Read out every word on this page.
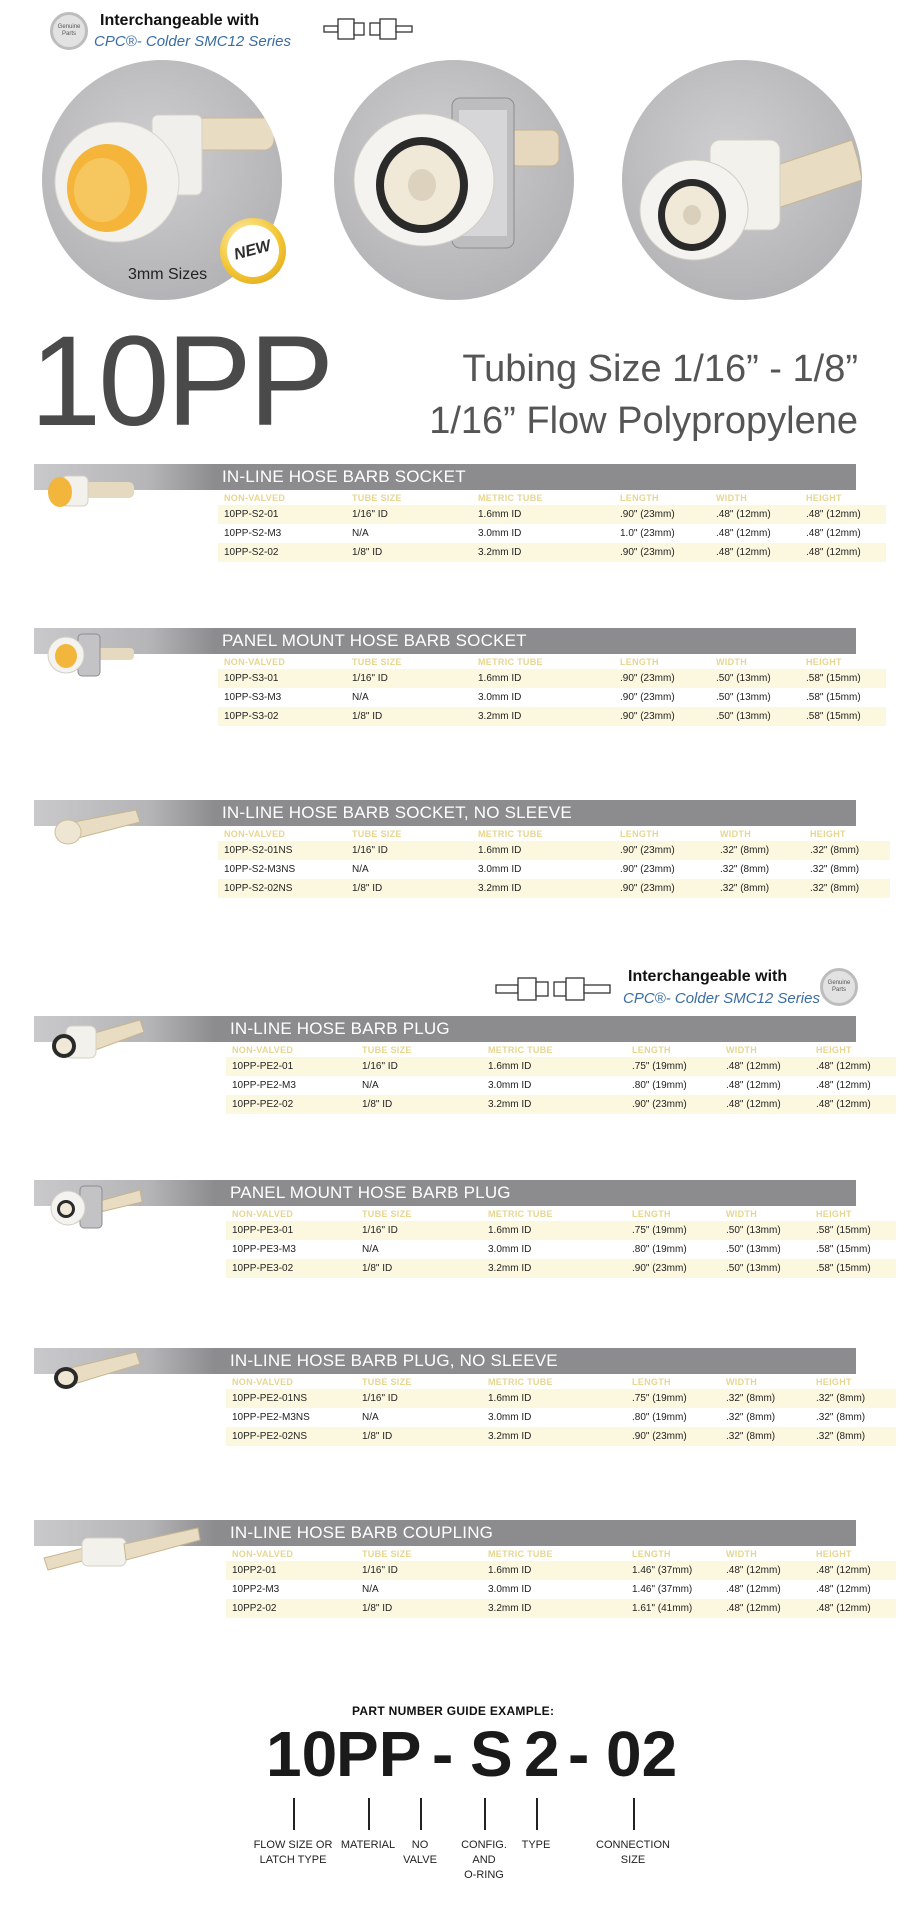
Genuine Parts
Interchangeable with
CPC®- Colder SMC12 Series
3mm Sizes
NEW
10PP	Tubing Size 1/16” - 1/8”
1/16” Flow Polypropylene
IN-LINE HOSE BARB SOCKET
NON-VALVED	TUBE SIZE	METRIC TUBE	LENGTH	WIDTH	HEIGHT
10PP-S2-01	1/16" ID	1.6mm ID	.90" (23mm)	.48" (12mm)	.48" (12mm)
10PP-S2-M3	N/A	3.0mm ID	1.0" (23mm)	.48" (12mm)	.48" (12mm)
10PP-S2-02	1/8" ID	3.2mm ID	.90" (23mm)	.48" (12mm)	.48" (12mm)
PANEL MOUNT HOSE BARB SOCKET
NON-VALVED	TUBE SIZE	METRIC TUBE	LENGTH	WIDTH	HEIGHT
10PP-S3-01	1/16" ID	1.6mm ID	.90" (23mm)	.50" (13mm)	.58" (15mm)
10PP-S3-M3	N/A	3.0mm ID	.90" (23mm)	.50" (13mm)	.58" (15mm)
10PP-S3-02	1/8" ID	3.2mm ID	.90" (23mm)	.50" (13mm)	.58" (15mm)
IN-LINE HOSE BARB SOCKET, NO SLEEVE
NON-VALVED	TUBE SIZE	METRIC TUBE	LENGTH	WIDTH	HEIGHT
10PP-S2-01NS	1/16" ID	1.6mm ID	.90" (23mm)	.32" (8mm)	.32" (8mm)
10PP-S2-M3NS	N/A	3.0mm ID	.90" (23mm)	.32" (8mm)	.32" (8mm)
10PP-S2-02NS	1/8" ID	3.2mm ID	.90" (23mm)	.32" (8mm)	.32" (8mm)
IN-LINE HOSE BARB PLUG
NON-VALVED	TUBE SIZE	METRIC TUBE	LENGTH	WIDTH	HEIGHT
10PP-PE2-01	1/16" ID	1.6mm ID	.75" (19mm)	.48" (12mm)	.48" (12mm)
10PP-PE2-M3	N/A	3.0mm ID	.80" (19mm)	.48" (12mm)	.48" (12mm)
10PP-PE2-02	1/8" ID	3.2mm ID	.90" (23mm)	.48" (12mm)	.48" (12mm)
PANEL MOUNT HOSE BARB PLUG
NON-VALVED	TUBE SIZE	METRIC TUBE	LENGTH	WIDTH	HEIGHT
10PP-PE3-01	1/16" ID	1.6mm ID	.75" (19mm)	.50" (13mm)	.58" (15mm)
10PP-PE3-M3	N/A	3.0mm ID	.80" (19mm)	.50" (13mm)	.58" (15mm)
10PP-PE3-02	1/8" ID	3.2mm ID	.90" (23mm)	.50" (13mm)	.58" (15mm)
IN-LINE HOSE BARB PLUG, NO SLEEVE
NON-VALVED	TUBE SIZE	METRIC TUBE	LENGTH	WIDTH	HEIGHT
10PP-PE2-01NS	1/16" ID	1.6mm ID	.75" (19mm)	.32" (8mm)	.32" (8mm)
10PP-PE2-M3NS	N/A	3.0mm ID	.80" (19mm)	.32" (8mm)	.32" (8mm)
10PP-PE2-02NS	1/8" ID	3.2mm ID	.90" (23mm)	.32" (8mm)	.32" (8mm)
IN-LINE HOSE BARB COUPLING
NON-VALVED	TUBE SIZE	METRIC TUBE	LENGTH	WIDTH	HEIGHT
10PP2-01	1/16" ID	1.6mm ID	1.46" (37mm)	.48" (12mm)	.48" (12mm)
10PP2-M3	N/A	3.0mm ID	1.46" (37mm)	.48" (12mm)	.48" (12mm)
10PP2-02	1/8" ID	3.2mm ID	1.61" (41mm)	.48" (12mm)	.48" (12mm)
Interchangeable with
CPC®- Colder SMC12 Series
Genuine Parts
PART NUMBER GUIDE EXAMPLE:
10
PP - S 2 - 02
FLOW SIZE OR
LATCH TYPE
MATERIAL	NO
VALVE
CONFIG.
AND
O-RING
TYPE	CONNECTION
SIZE
